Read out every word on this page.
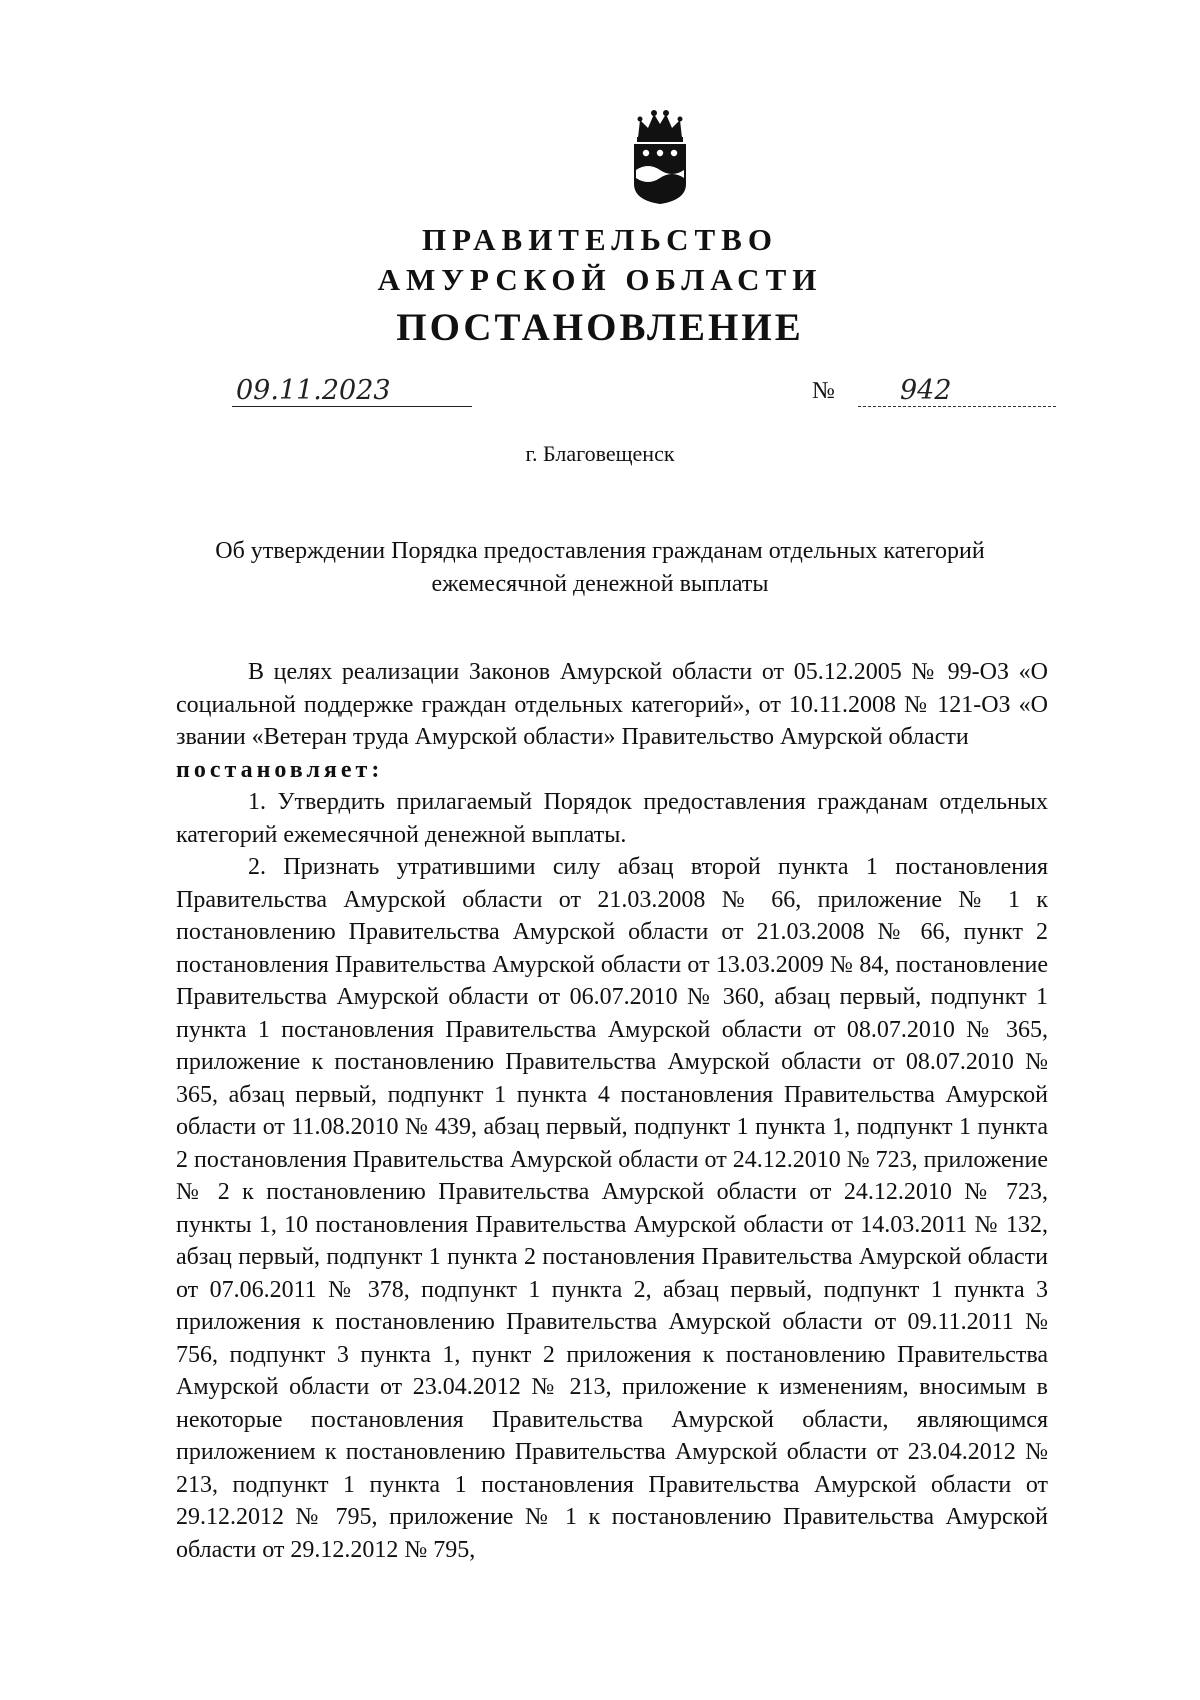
ПРАВИТЕЛЬСТВО
АМУРСКОЙ ОБЛАСТИ
ПОСТАНОВЛЕНИЕ
09.11.2023	№ 942
г. Благовещенск
Об утверждении Порядка предоставления гражданам отдельных категорий
ежемесячной денежной выплаты

В целях реализации Законов Амурской области от 05.12.2005 № 99-ОЗ «О социальной поддержке граждан отдельных категорий», от 10.11.2008 № 121-ОЗ «О звании «Ветеран труда Амурской области» Правительство Амурской области

постановляет:

1. Утвердить прилагаемый Порядок предоставления гражданам отдельных категорий ежемесячной денежной выплаты.

2. Признать утратившими силу абзац второй пункта 1 постановления Правительства Амурской области от 21.03.2008 № 66, приложение № 1 к постановлению Правительства Амурской области от 21.03.2008 № 66, пункт 2 постановления Правительства Амурской области от 13.03.2009 № 84, постановление Правительства Амурской области от 06.07.2010 № 360, абзац первый, подпункт 1 пункта 1 постановления Правительства Амурской области от 08.07.2010 № 365, приложение к постановлению Правительства Амурской области от 08.07.2010 № 365, абзац первый, подпункт 1 пункта 4 постановления Правительства Амурской области от 11.08.2010 № 439, абзац первый, подпункт 1 пункта 1, подпункт 1 пункта 2 постановления Правительства Амурской области от 24.12.2010 № 723, приложение № 2 к постановлению Правительства Амурской области от 24.12.2010 № 723, пункты 1, 10 постановления Правительства Амурской области от 14.03.2011 № 132, абзац первый, подпункт 1 пункта 2 постановления Правительства Амурской области от 07.06.2011 № 378, подпункт 1 пункта 2, абзац первый, подпункт 1 пункта 3 приложения к постановлению Правительства Амурской области от 09.11.2011 № 756, подпункт 3 пункта 1, пункт 2 приложения к постановлению Правительства Амурской области от 23.04.2012 № 213, приложение к изменениям, вносимым в некоторые постановления Правительства Амурской области, являющимся приложением к постановлению Правительства Амурской области от 23.04.2012 № 213, подпункт 1 пункта 1 постановления Правительства Амурской области от 29.12.2012 № 795, приложение № 1 к постановлению Правительства Амурской области от 29.12.2012 № 795,
